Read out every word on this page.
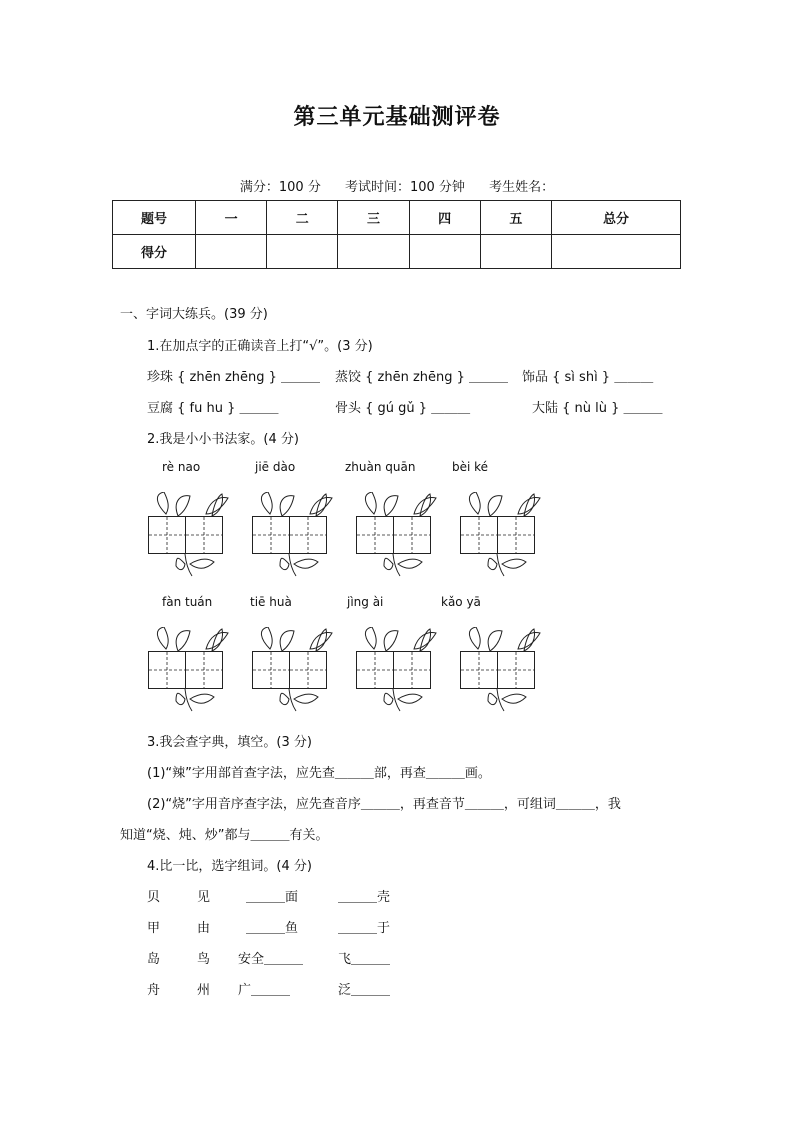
第三单元基础测评卷
满分：100 分 考试时间：100 分钟 考生姓名：
题号	一	二	三	四	五	总分
得分						
一、字词大练兵。(39 分)
1.在加点字的正确读音上打“√”。(3 分)
珍珠 { zhēn zhēng } ＿＿＿ 蒸饺 { zhēn zhēng } ＿＿＿ 饰品 { sì shì } ＿＿＿
豆腐 { fu hu } ＿＿＿	骨头 { gú gǔ } ＿＿＿	大陆 { nù lù } ＿＿＿
2.我是小小书法家。(4 分)
rè nao	jiē dào	zhuàn quān	bèi ké
fàn tuán	tiē huà	jìng ài	kǎo yā
3.我会查字典，填空。(3 分)
(1)“辣”字用部首查字法，应先查＿＿＿部，再查＿＿＿画。
(2)“烧”字用音序查字法，应先查音序＿＿＿，再查音节＿＿＿，可组词＿＿＿，我
知道“烧、炖、炒”都与＿＿＿有关。
4.比一比，选字组词。(4 分)
贝	见	＿＿＿面	＿＿＿壳
甲	由	＿＿＿鱼	＿＿＿于
岛	鸟 安全＿＿＿	飞＿＿＿
舟	州 广＿＿＿	泛＿＿＿
